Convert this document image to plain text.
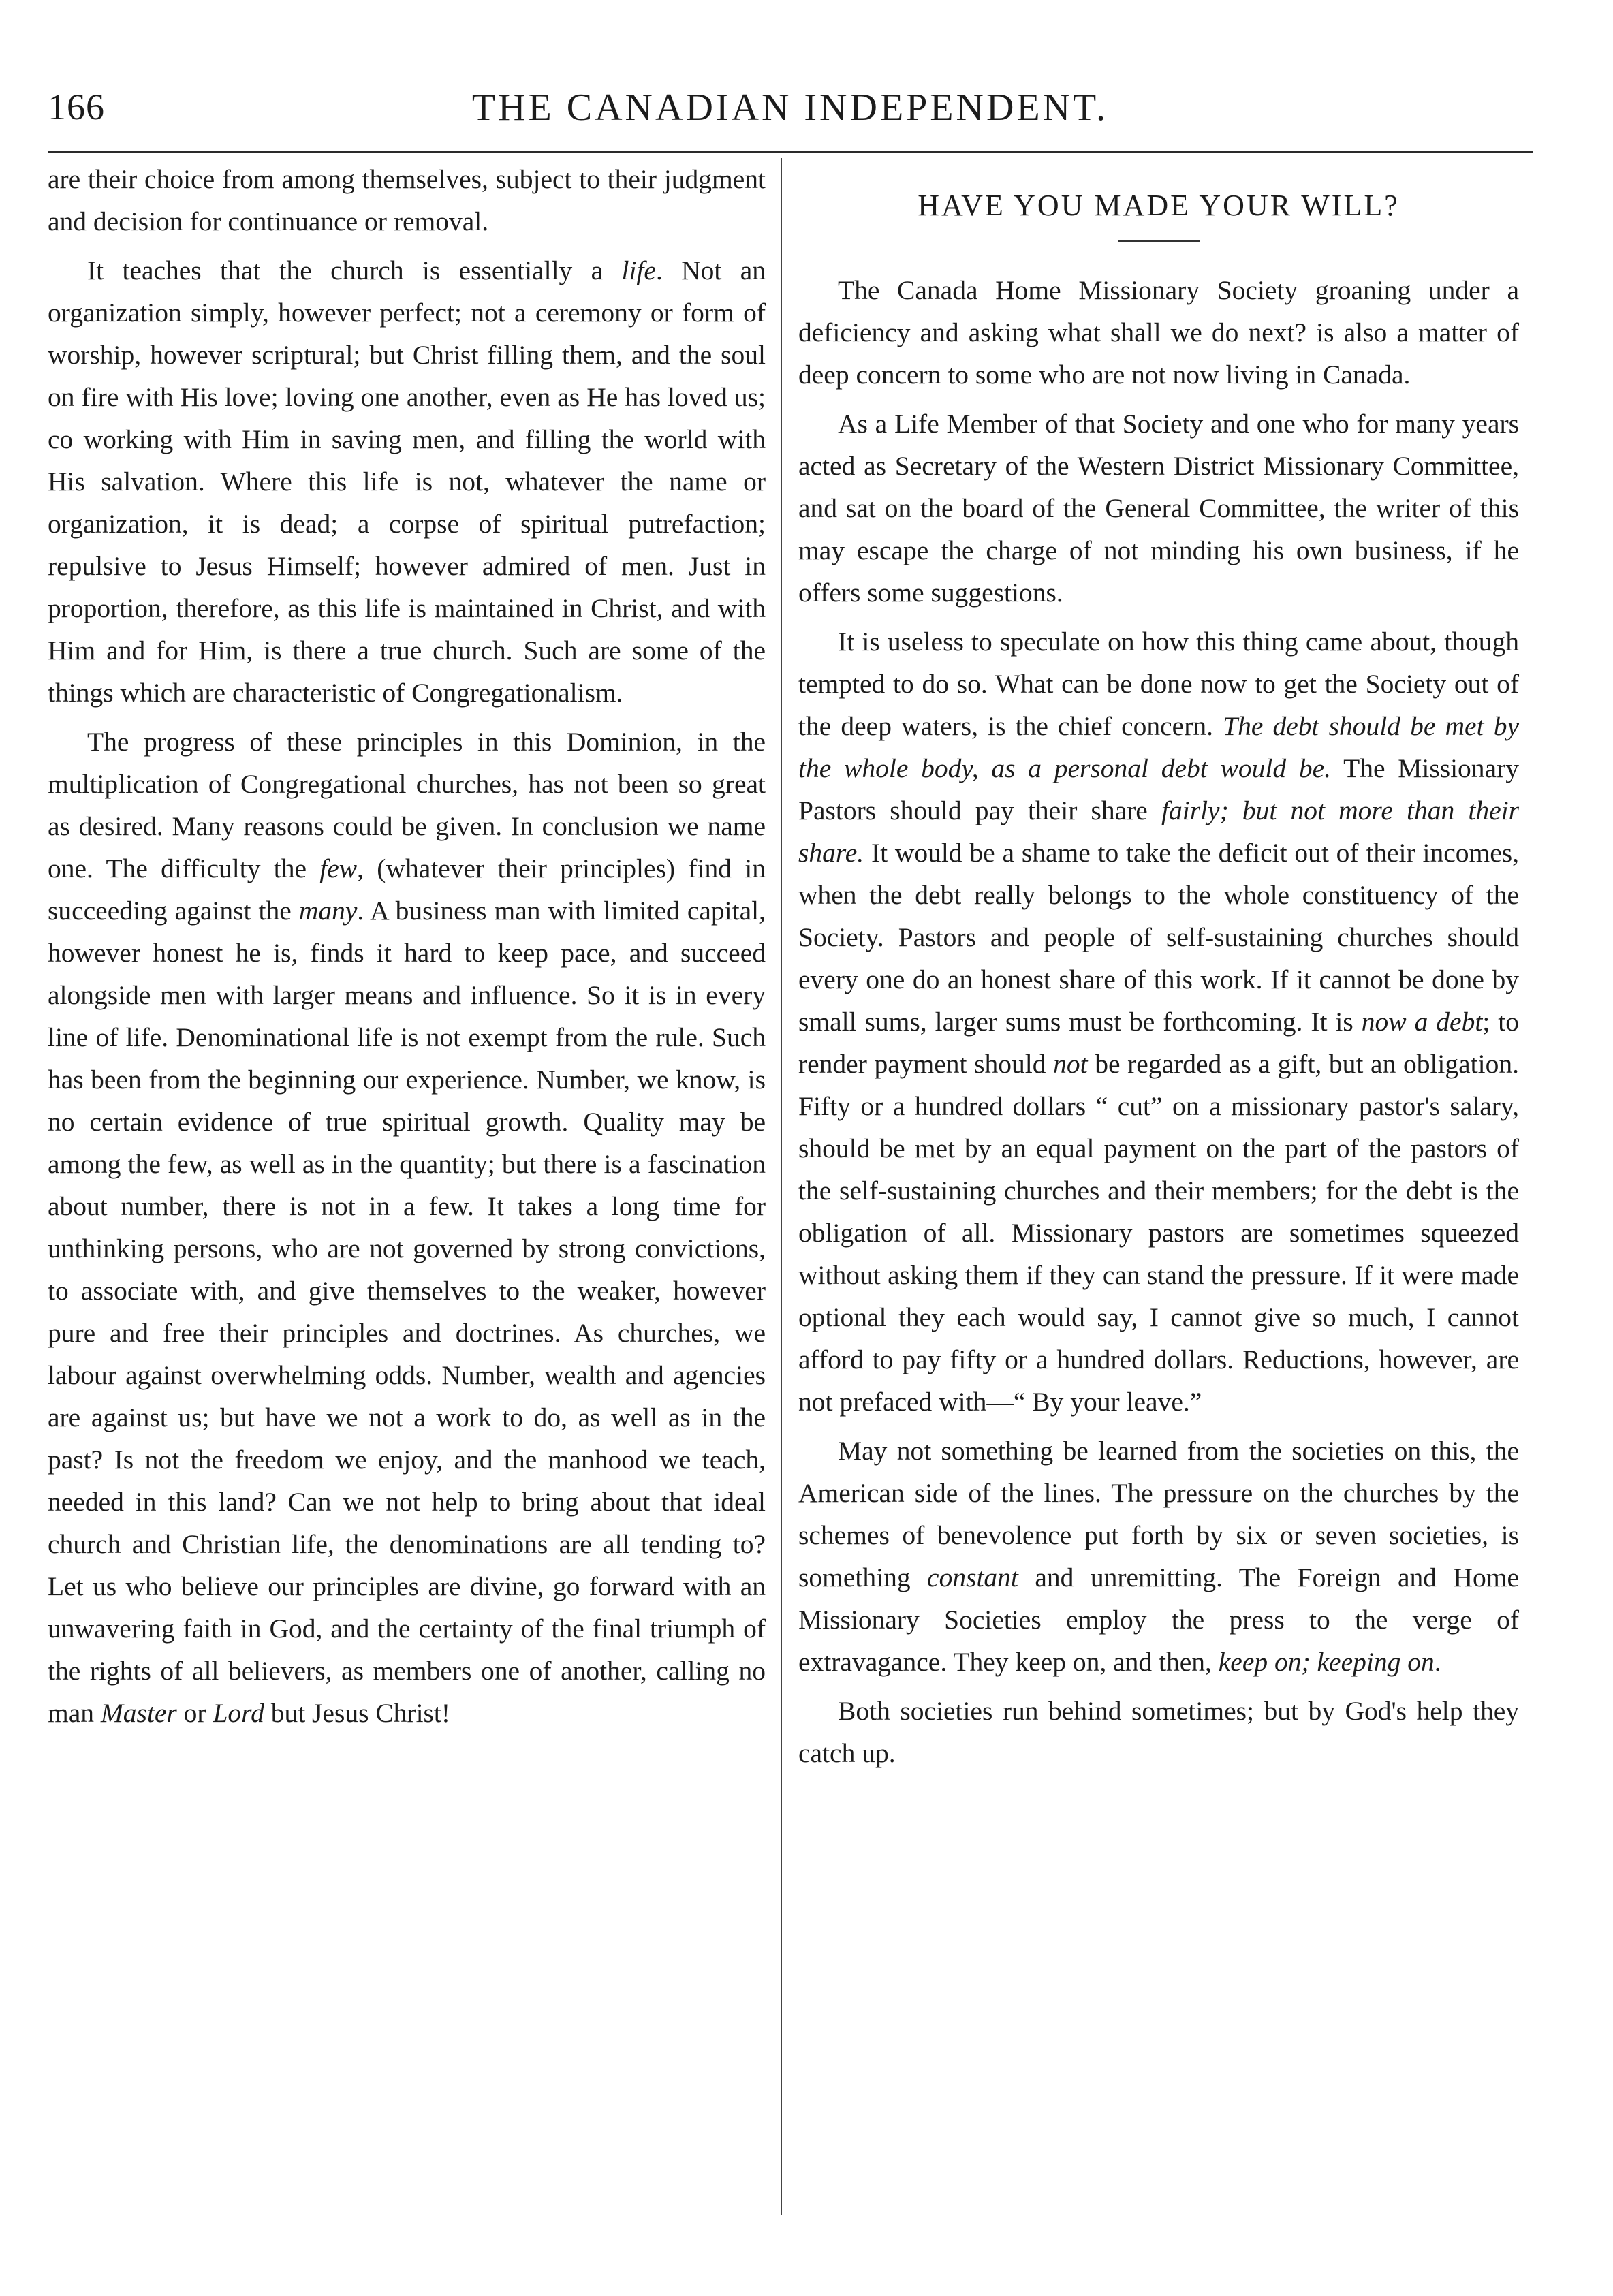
166	THE CANADIAN INDEPENDENT.

are their choice from among themselves, subject to their judgment and decision for continuance or removal.

It teaches that the church is essentially a life. Not an organization simply, however perfect; not a ceremony or form of worship, however scriptural; but Christ filling them, and the soul on fire with His love; loving one another, even as He has loved us; co working with Him in saving men, and filling the world with His salvation. Where this life is not, whatever the name or organization, it is dead; a corpse of spiritual putrefaction; repulsive to Jesus Himself; however admired of men. Just in proportion, therefore, as this life is maintained in Christ, and with Him and for Him, is there a true church. Such are some of the things which are characteristic of Congregationalism.

The progress of these principles in this Dominion, in the multiplication of Congregational churches, has not been so great as desired. Many reasons could be given. In conclusion we name one. The difficulty the few, (whatever their principles) find in succeeding against the many. A business man with limited capital, however honest he is, finds it hard to keep pace, and succeed alongside men with larger means and influence. So it is in every line of life. Denominational life is not exempt from the rule. Such has been from the beginning our experience. Number, we know, is no certain evidence of true spiritual growth. Quality may be among the few, as well as in the quantity; but there is a fascination about number, there is not in a few. It takes a long time for unthinking persons, who are not governed by strong convictions, to associate with, and give themselves to the weaker, however pure and free their principles and doctrines. As churches, we labour against overwhelming odds. Number, wealth and agencies are against us; but have we not a work to do, as well as in the past? Is not the freedom we enjoy, and the manhood we teach, needed in this land? Can we not help to bring about that ideal church and Christian life, the denominations are all tending to? Let us who believe our principles are divine, go forward with an unwavering faith in God, and the certainty of the final triumph of the rights of all believers, as members one of another, calling no man Master or Lord but Jesus Christ!

HAVE YOU MADE YOUR WILL?

The Canada Home Missionary Society groaning under a deficiency and asking what shall we do next? is also a matter of deep concern to some who are not now living in Canada.

As a Life Member of that Society and one who for many years acted as Secretary of the Western District Missionary Committee, and sat on the board of the General Committee, the writer of this may escape the charge of not minding his own business, if he offers some suggestions.

It is useless to speculate on how this thing came about, though tempted to do so. What can be done now to get the Society out of the deep waters, is the chief concern. The debt should be met by the whole body, as a personal debt would be. The Missionary Pastors should pay their share fairly; but not more than their share. It would be a shame to take the deficit out of their incomes, when the debt really belongs to the whole constituency of the Society. Pastors and people of self-sustaining churches should every one do an honest share of this work. If it cannot be done by small sums, larger sums must be forthcoming. It is now a debt; to render payment should not be regarded as a gift, but an obligation. Fifty or a hundred dollars “ cut” on a missionary pastor's salary, should be met by an equal payment on the part of the pastors of the self-sustaining churches and their members; for the debt is the obligation of all. Missionary pastors are sometimes squeezed without asking them if they can stand the pressure. If it were made optional they each would say, I cannot give so much, I cannot afford to pay fifty or a hundred dollars. Reductions, however, are not prefaced with—“ By your leave.”

May not something be learned from the societies on this, the American side of the lines. The pressure on the churches by the schemes of benevolence put forth by six or seven societies, is something constant and unremitting. The Foreign and Home Missionary Societies employ the press to the verge of extravagance. They keep on, and then, keep on; keeping on.

Both societies run behind sometimes; but by God's help they catch up.
